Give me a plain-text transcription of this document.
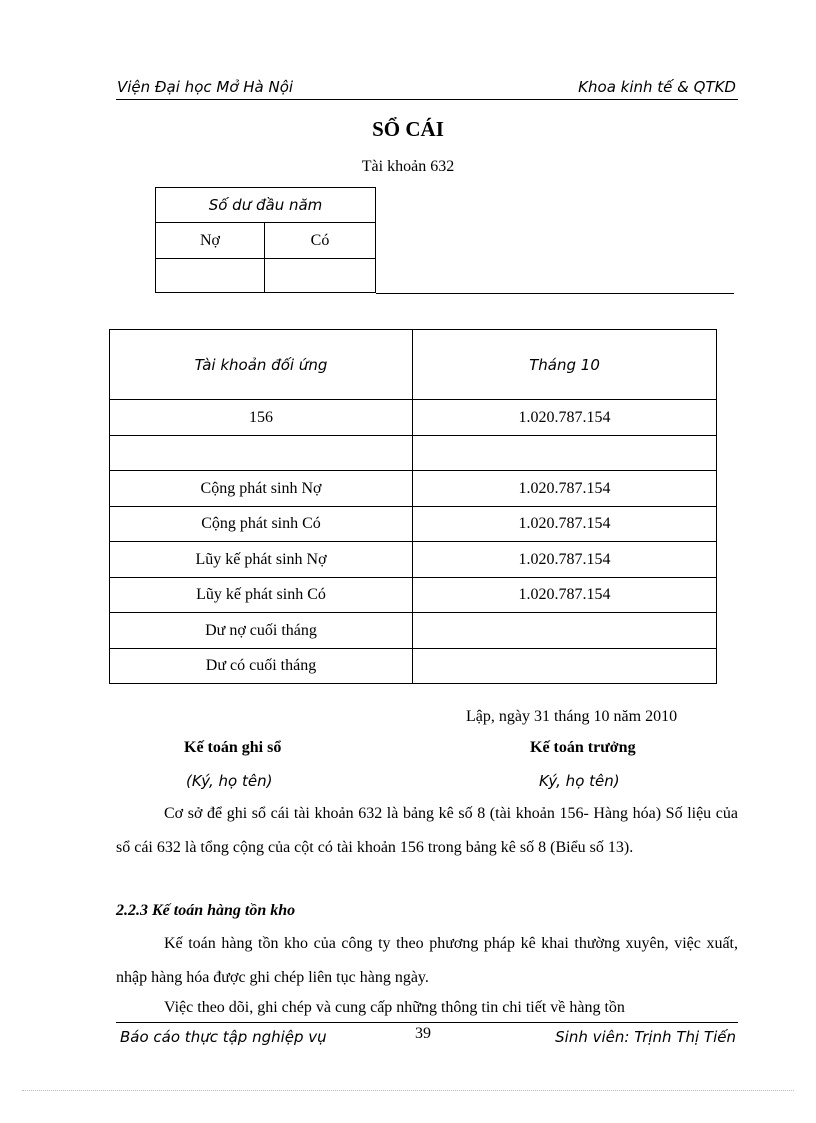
Viện Đại học Mở Hà Nội	Khoa kinh tế & QTKD
SỔ CÁI
Tài khoản 632
Số dư đầu năm	
Nợ	Có

Tài khoản đối ứng	Tháng 10
156	1.020.787.154

Cộng phát sinh Nợ	1.020.787.154
Cộng phát sinh Có	1.020.787.154
Lũy kế phát sinh Nợ	1.020.787.154
Lũy kế phát sinh Có	1.020.787.154
Dư nợ cuối tháng	
Dư có cuối tháng	
Lập, ngày 31 tháng 10 năm 2010
Kế toán ghi sổ	Kế toán trưởng
(Ký, họ tên)	Ký, họ tên)
Cơ sở để ghi sổ cái tài khoản 632 là bảng kê số 8 (tài khoản 156- Hàng hóa) Số liệu của sổ cái 632 là tổng cộng của cột có tài khoản 156 trong bảng kê số 8 (Biểu số 13).
2.2.3 Kế toán hàng tồn kho
Kế toán hàng tồn kho của công ty theo phương pháp kê khai thường xuyên, việc xuất, nhập hàng hóa được ghi chép liên tục hàng ngày.
Việc theo dõi, ghi chép và cung cấp những thông tin chi tiết về hàng tồn
Báo cáo thực tập nghiệp vụ	39	Sinh viên: Trịnh Thị Tiến
